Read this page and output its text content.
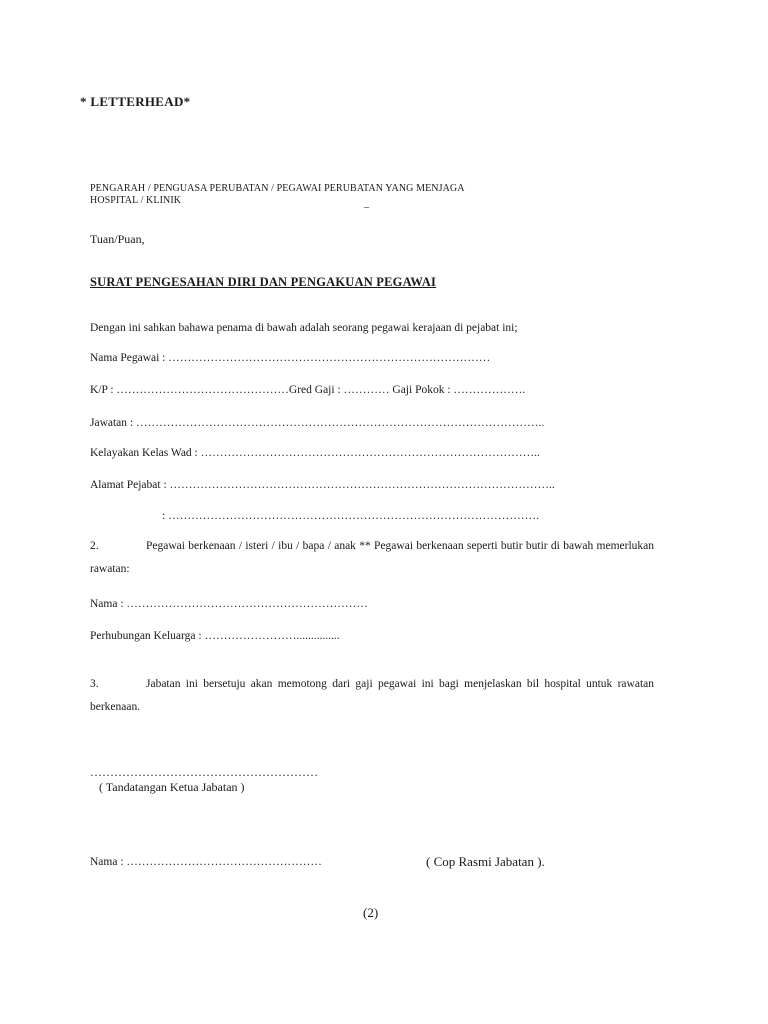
* LETTERHEAD*
PENGARAH / PENGUASA PERUBATAN / PEGAWAI PERUBATAN YANG MENJAGA
HOSPITAL / KLINIK	_
Tuan/Puan,
SURAT PENGESAHAN DIRI DAN PENGAKUAN PEGAWAI
Dengan ini sahkan bahawa penama di bawah adalah seorang pegawai kerajaan di pejabat ini;
Nama Pegawai : …………………………………………………………………………
K/P : ………………………………………Gred Gaji : ………… Gaji Pokok : ……………….
Jawatan : ……………………………………………………………………………………………..
Kelayakan Kelas Wad : ……………………………………………………………………………..
Alamat Pejabat : ………………………………………………………………………………………..
: …………………………………………………………………………………….
2.	Pegawai berkenaan / isteri / ibu / bapa / anak ** Pegawai berkenaan seperti butir butir di bawah memerlukan rawatan:
Nama : ………………………………………………………
Perhubungan Keluarga : ……………………...............
3.	Jabatan ini bersetuju akan memotong dari gaji pegawai ini bagi menjelaskan bil hospital untuk rawatan berkenaan.
…………………………………………………
( Tandatangan Ketua Jabatan )
Nama : ……………………………………………	( Cop Rasmi Jabatan ).
(2)
